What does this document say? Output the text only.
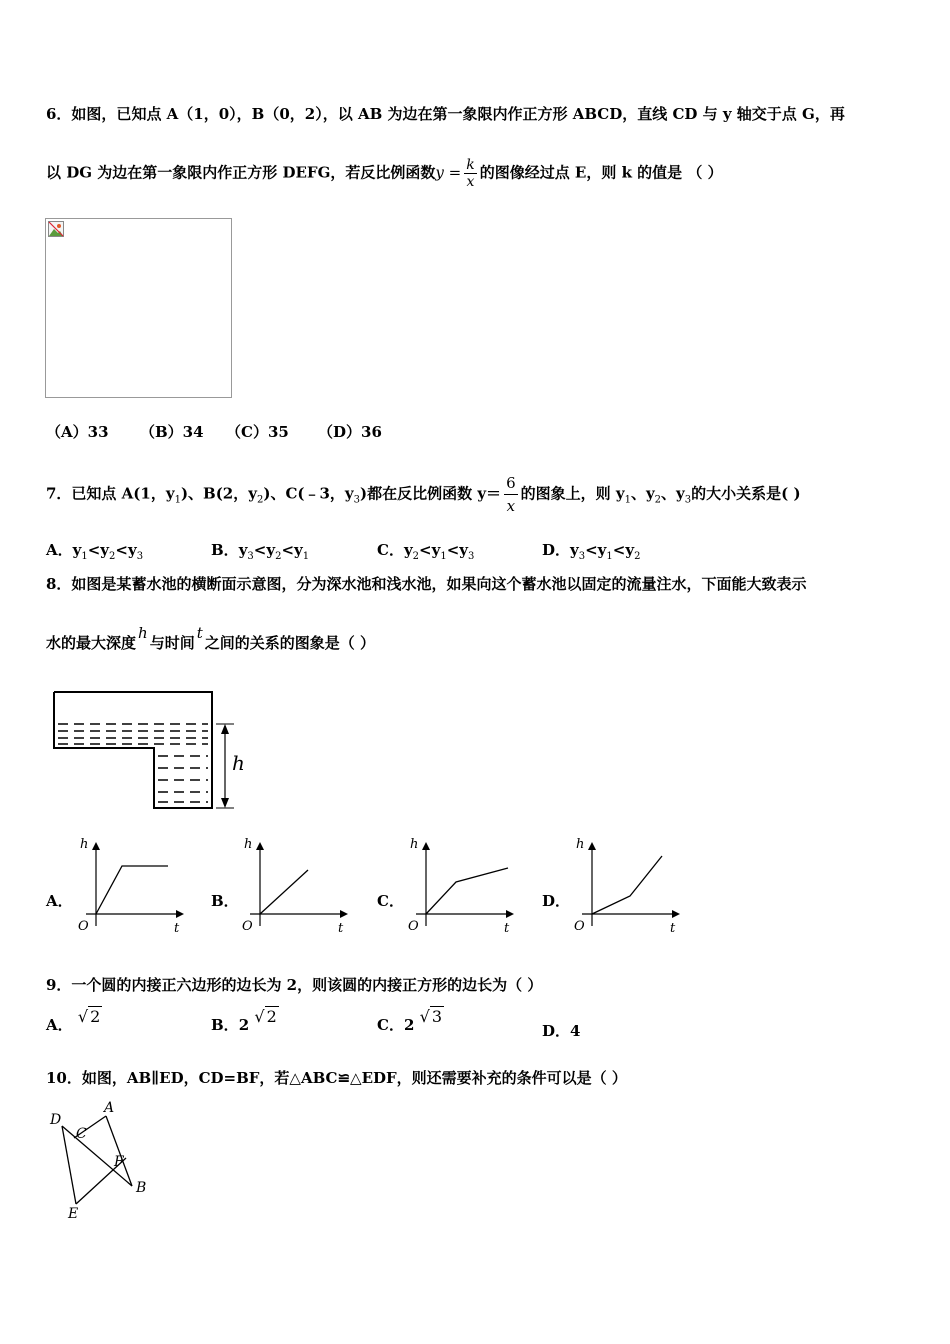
6．如图，已知点 A（1，0），B（0，2），以 AB 为边在第一象限内作正方形 ABCD，直线 CD 与 y 轴交于点 G，再
以 DG 为边在第一象限内作正方形 DEFG，若反比例函数$y = \frac{k}{x}$ 的图像经过点 E，则 k 的值是 （ ）
（A）33 （B）34 （C）35 （D）36
7．已知点 A(1，$y_1$)、B(2，$y_2$)、C(﹣3，$y_3$)都在反比例函数 $y= \frac{6}{x}$ 的图象上，则 $y_1$、$y_2$、$y_3$的大小关系是( )
A．$y_1<y_2<y_3$	B．$y_3<y_2<y_1$	C．$y_2<y_1<y_3$	D．$y_3<y_1<y_2$
8．如图是某蓄水池的横断面示意图，分为深水池和浅水池，如果向这个蓄水池以固定的流量注水，下面能大致表示
水的最大深度h与时间t之间的关系的图象是（ ）
h
A．
h
O	t
B．
h
O	t
C．
h
O	t
D．
h
O	t
9．一个圆的内接正六边形的边长为 2，则该圆的内接正方形的边长为（ ）
A． √ 2	B．2 √ 2	C．2 √ 3
D．4
10．如图，AB∥ED，CD=BF，若△ABC≌△EDF，则还需要补充的条件可以是（ ）
D
A
C
F
B
E
